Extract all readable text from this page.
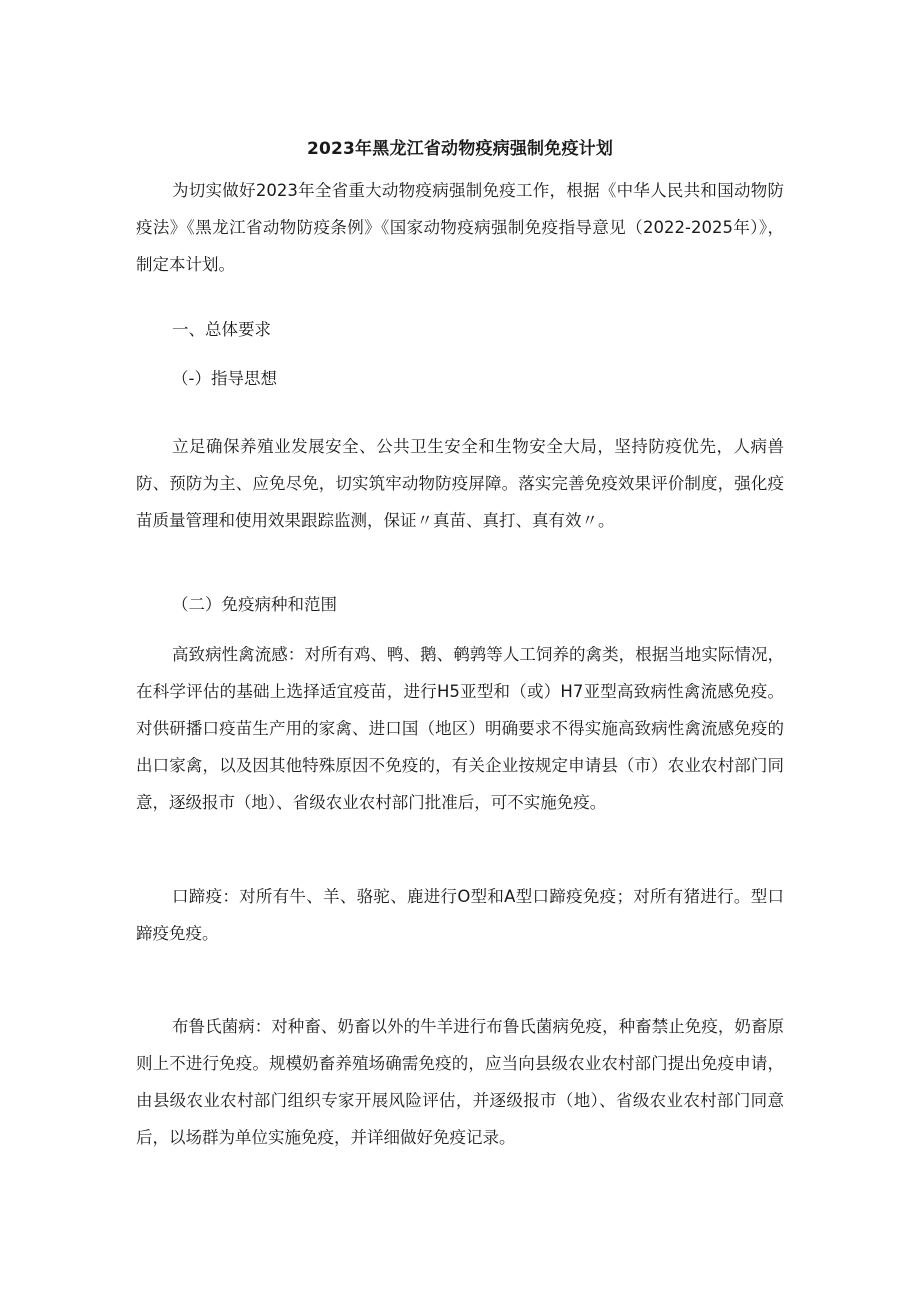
2023年黑龙江省动物疫病强制免疫计划

为切实做好2023年全省重大动物疫病强制免疫工作，根据《中华人民共和国动物防疫法》《黑龙江省动物防疫条例》《国家动物疫病强制免疫指导意见（2022-2025年）》，制定本计划。

一、总体要求

（-）指导思想

立足确保养殖业发展安全、公共卫生安全和生物安全大局，坚持防疫优先，人病兽防、预防为主、应免尽免，切实筑牢动物防疫屏障。落实完善免疫效果评价制度，强化疫苗质量管理和使用效果跟踪监测，保证〃真苗、真打、真有效〃。

（二）免疫病种和范围

高致病性禽流感：对所有鸡、鸭、鹅、鹌鹑等人工饲养的禽类，根据当地实际情况，在科学评估的基础上选择适宜疫苗，进行H5亚型和（或）H7亚型高致病性禽流感免疫。对供研播口疫苗生产用的家禽、进口国（地区）明确要求不得实施高致病性禽流感免疫的出口家禽，以及因其他特殊原因不免疫的，有关企业按规定申请县（市）农业农村部门同意，逐级报市（地）、省级农业农村部门批准后，可不实施免疫。

口蹄疫：对所有牛、羊、骆驼、鹿进行O型和A型口蹄疫免疫；对所有猪进行。型口蹄疫免疫。

布鲁氏菌病：对种畜、奶畜以外的牛羊进行布鲁氏菌病免疫，种畜禁止免疫，奶畜原则上不进行免疫。规模奶畜养殖场确需免疫的，应当向县级农业农村部门提出免疫申请，由县级农业农村部门组织专家开展风险评估，并逐级报市（地）、省级农业农村部门同意后，以场群为单位实施免疫，并详细做好免疫记录。
